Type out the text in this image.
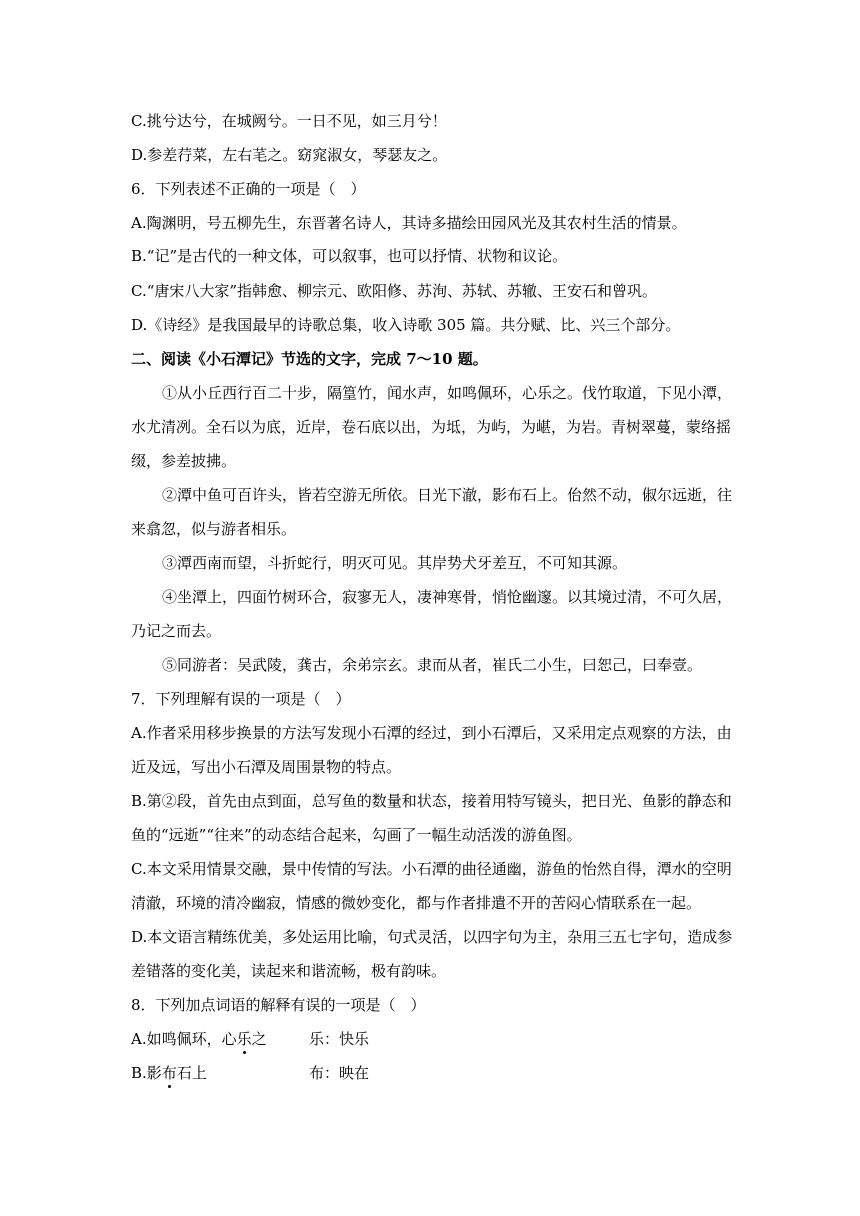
C.挑兮达兮，在城阙兮。一日不见，如三月兮！
D.参差荇菜，左右芼之。窈窕淑女，琴瑟友之。
6．下列表述不正确的一项是（　）
A.陶渊明，号五柳先生，东晋著名诗人，其诗多描绘田园风光及其农村生活的情景。
B.“记”是古代的一种文体，可以叙事，也可以抒情、状物和议论。
C.“唐宋八大家”指韩愈、柳宗元、欧阳修、苏洵、苏轼、苏辙、王安石和曾巩。
D.《诗经》是我国最早的诗歌总集，收入诗歌 305 篇。共分赋、比、兴三个部分。
二、阅读《小石潭记》节选的文字，完成 7～10 题。
①从小丘西行百二十步，隔篁竹，闻水声，如鸣佩环，心乐之。伐竹取道，下见小潭，
水尤清冽。全石以为底，近岸，卷石底以出，为坻，为屿，为嵁，为岩。青树翠蔓，蒙络摇
缀，参差披拂。
②潭中鱼可百许头，皆若空游无所依。日光下澈，影布石上。佁然不动，俶尔远逝，往
来翕忽，似与游者相乐。
③潭西南而望，斗折蛇行，明灭可见。其岸势犬牙差互，不可知其源。
④坐潭上，四面竹树环合，寂寥无人，凄神寒骨，悄怆幽邃。以其境过清，不可久居，
乃记之而去。
⑤同游者：吴武陵，龚古，余弟宗玄。隶而从者，崔氏二小生，曰恕己，曰奉壹。
7．下列理解有误的一项是（　）
A.作者采用移步换景的方法写发现小石潭的经过，到小石潭后，又采用定点观察的方法，由
近及远，写出小石潭及周围景物的特点。
B.第②段，首先由点到面，总写鱼的数量和状态，接着用特写镜头，把日光、鱼影的静态和
鱼的“远逝”“往来”的动态结合起来，勾画了一幅生动活泼的游鱼图。
C.本文采用情景交融，景中传情的写法。小石潭的曲径通幽，游鱼的怡然自得，潭水的空明
清澈，环境的清冷幽寂，情感的微妙变化，都与作者排遣不开的苦闷心情联系在一起。
D.本文语言精练优美，多处运用比喻，句式灵活，以四字句为主，杂用三五七字句，造成参
差错落的变化美，读起来和谐流畅，极有韵味。
8．下列加点词语的解释有误的一项是（　）
A.如鸣佩环，心乐之	乐：快乐
B.影布石上	布：映在
